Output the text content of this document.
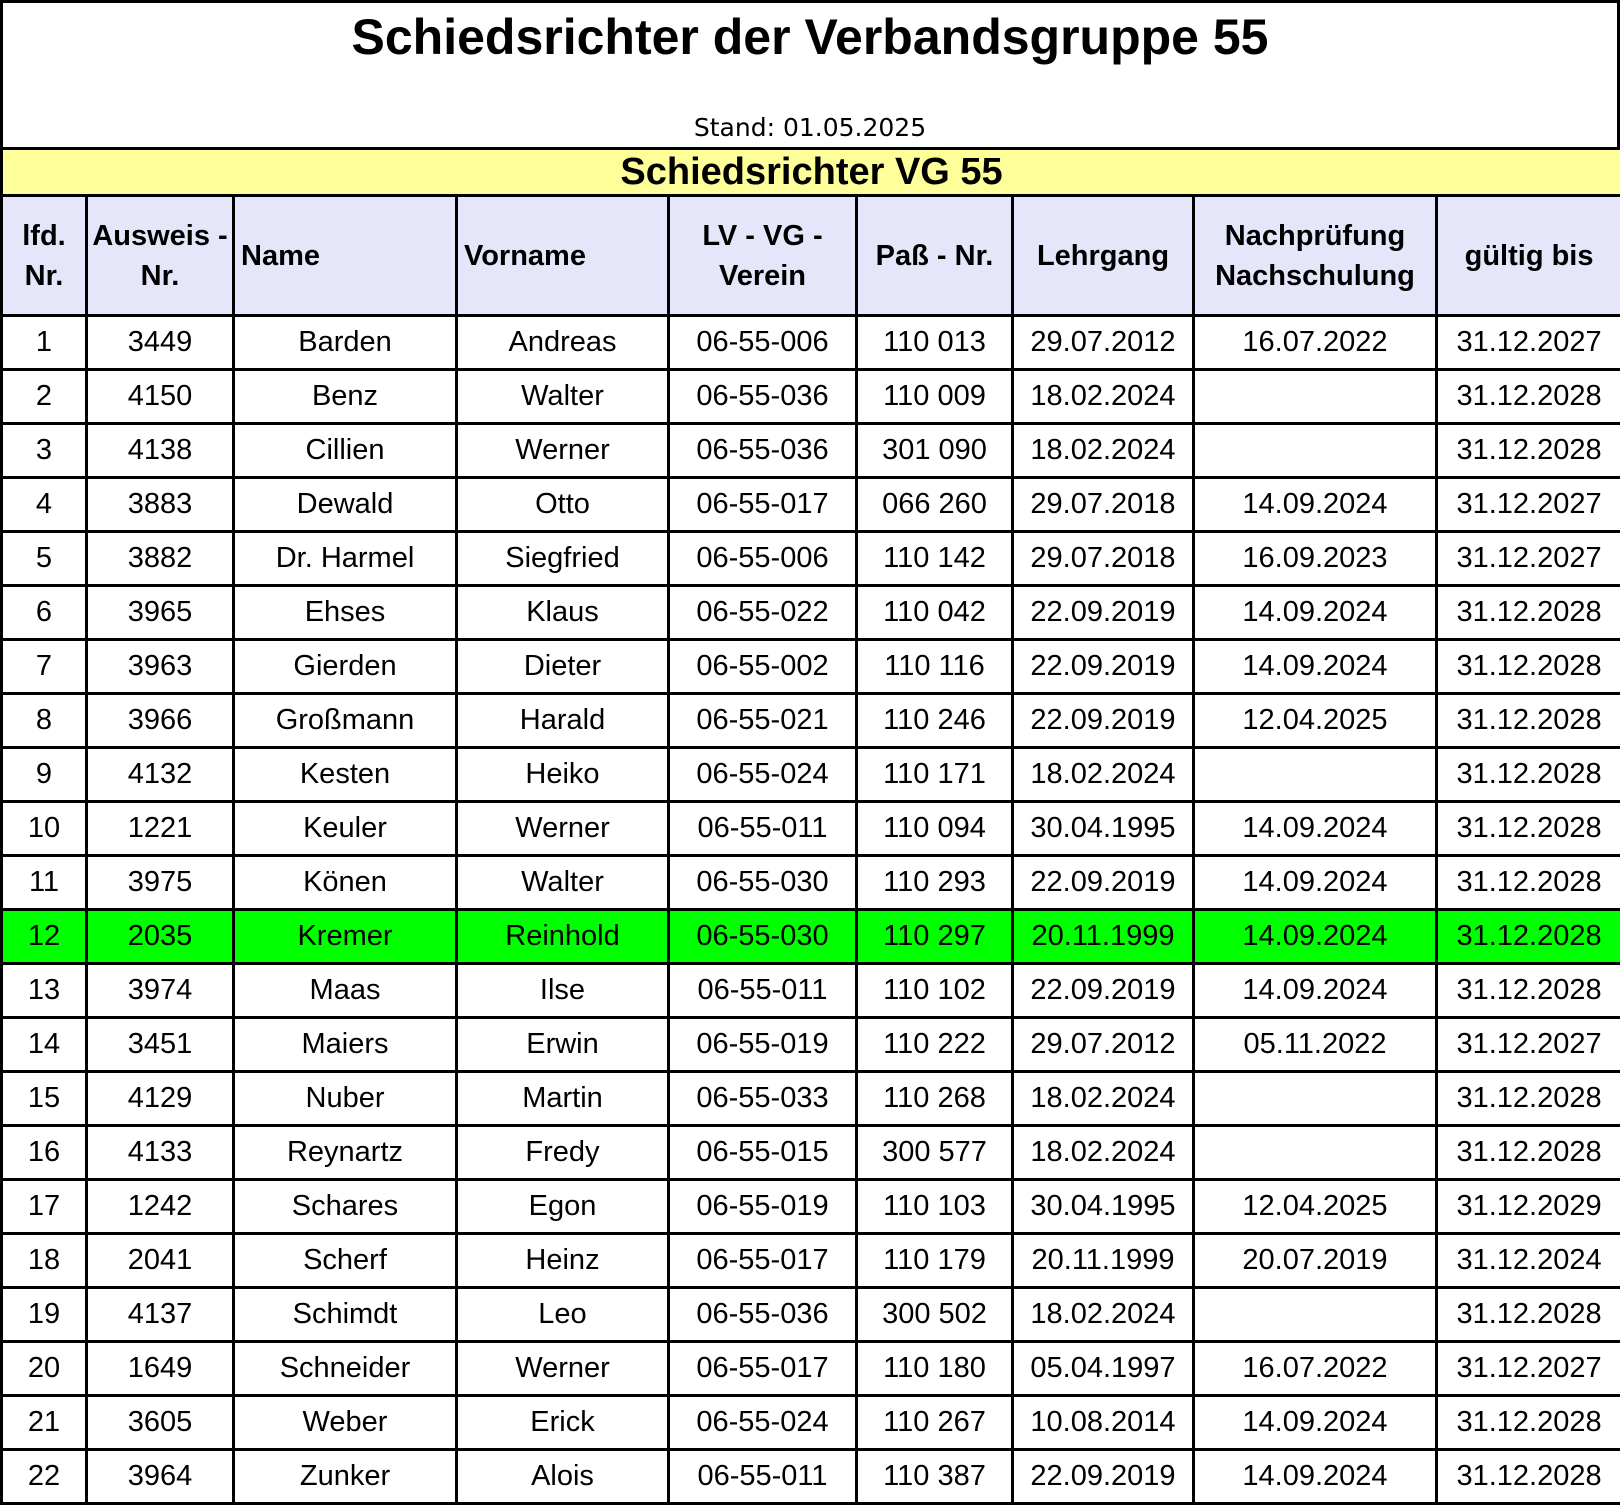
Schiedsrichter der Verbandsgruppe 55
Stand: 01.05.2025
Schiedsrichter VG 55								
lfd. Nr.	Ausweis - Nr.	Name	Vorname	LV - VG - Verein	Paß - Nr.	Lehrgang	Nachprüfung Nachschulung	gültig bis
1	3449	Barden	Andreas	06-55-006	110 013	29.07.2012	16.07.2022	31.12.2027
2	4150	Benz	Walter	06-55-036	110 009	18.02.2024		31.12.2028
3	4138	Cillien	Werner	06-55-036	301 090	18.02.2024		31.12.2028
4	3883	Dewald	Otto	06-55-017	066 260	29.07.2018	14.09.2024	31.12.2027
5	3882	Dr. Harmel	Siegfried	06-55-006	110 142	29.07.2018	16.09.2023	31.12.2027
6	3965	Ehses	Klaus	06-55-022	110 042	22.09.2019	14.09.2024	31.12.2028
7	3963	Gierden	Dieter	06-55-002	110 116	22.09.2019	14.09.2024	31.12.2028
8	3966	Großmann	Harald	06-55-021	110 246	22.09.2019	12.04.2025	31.12.2028
9	4132	Kesten	Heiko	06-55-024	110 171	18.02.2024		31.12.2028
10	1221	Keuler	Werner	06-55-011	110 094	30.04.1995	14.09.2024	31.12.2028
11	3975	Könen	Walter	06-55-030	110 293	22.09.2019	14.09.2024	31.12.2028
12	2035	Kremer	Reinhold	06-55-030	110 297	20.11.1999	14.09.2024	31.12.2028
13	3974	Maas	Ilse	06-55-011	110 102	22.09.2019	14.09.2024	31.12.2028
14	3451	Maiers	Erwin	06-55-019	110 222	29.07.2012	05.11.2022	31.12.2027
15	4129	Nuber	Martin	06-55-033	110 268	18.02.2024		31.12.2028
16	4133	Reynartz	Fredy	06-55-015	300 577	18.02.2024		31.12.2028
17	1242	Schares	Egon	06-55-019	110 103	30.04.1995	12.04.2025	31.12.2029
18	2041	Scherf	Heinz	06-55-017	110 179	20.11.1999	20.07.2019	31.12.2024
19	4137	Schimdt	Leo	06-55-036	300 502	18.02.2024		31.12.2028
20	1649	Schneider	Werner	06-55-017	110 180	05.04.1997	16.07.2022	31.12.2027
21	3605	Weber	Erick	06-55-024	110 267	10.08.2014	14.09.2024	31.12.2028
22	3964	Zunker	Alois	06-55-011	110 387	22.09.2019	14.09.2024	31.12.2028
